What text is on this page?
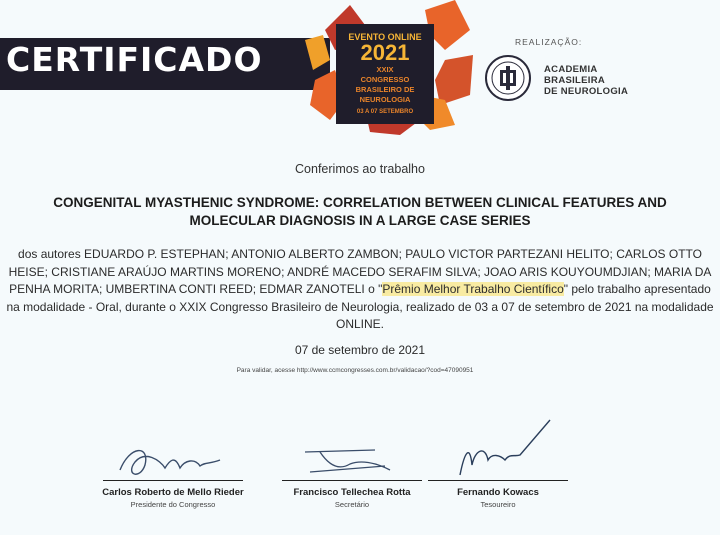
CERTIFICADO
EVENTO ONLINE
2021
XXIX
CONGRESSO
BRASILEIRO DE
NEUROLOGIA
03 A 07 SETEMBRO
REALIZAÇÃO:
ACADEMIA
BRASILEIRA
DE NEUROLOGIA
Conferimos ao trabalho
CONGENITAL MYASTHENIC SYNDROME: CORRELATION BETWEEN CLINICAL FEATURES AND
MOLECULAR DIAGNOSIS IN A LARGE CASE SERIES
dos autores EDUARDO P. ESTEPHAN; ANTONIO ALBERTO ZAMBON; PAULO VICTOR PARTEZANI HELITO; CARLOS OTTO HEISE; CRISTIANE ARAÚJO MARTINS MORENO; ANDRÉ MACEDO SERAFIM SILVA; JOAO ARIS KOUYOUMDJIAN; MARIA DA PENHA MORITA; UMBERTINA CONTI REED; EDMAR ZANOTELI o "Prêmio Melhor Trabalho Científico" pelo trabalho apresentado na modalidade - Oral, durante o XXIX Congresso Brasileiro de Neurologia, realizado de 03 a 07 de setembro de 2021 na modalidade ONLINE.
07 de setembro de 2021
Para validar, acesse http://www.ccmcongresses.com.br/validacao/?cod=47090951
Carlos Roberto de Mello Rieder
Presidente do Congresso
Francisco Tellechea Rotta
Secretário
Fernando Kowacs
Tesoureiro
